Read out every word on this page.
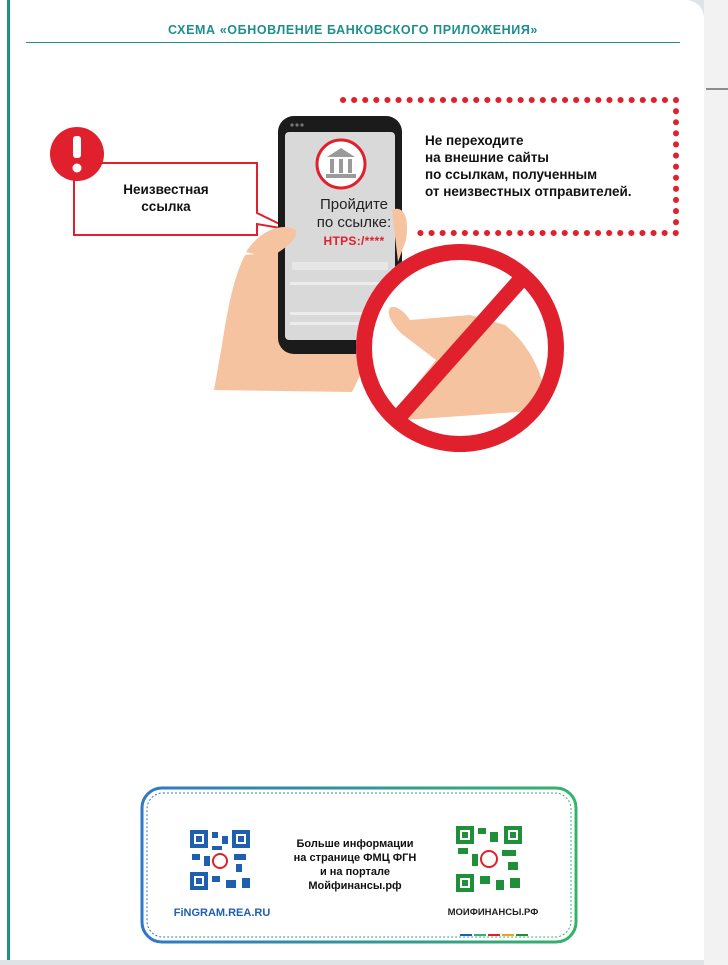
СХЕМА «ОБНОВЛЕНИЕ БАНКОВСКОГО ПРИЛОЖЕНИЯ»
Не переходите
на внешние сайты
по ссылкам, полученным
от неизвестных отправителей.
Неизвестная
ссылка	Пройдите
по ссылке:
HTPS:/****
Больше информации
на странице ФМЦ ФГН
и на портале
Мойфинансы.рф
FiNGRAM.REA.RU	МОИФИНАНСЫ.РФ
